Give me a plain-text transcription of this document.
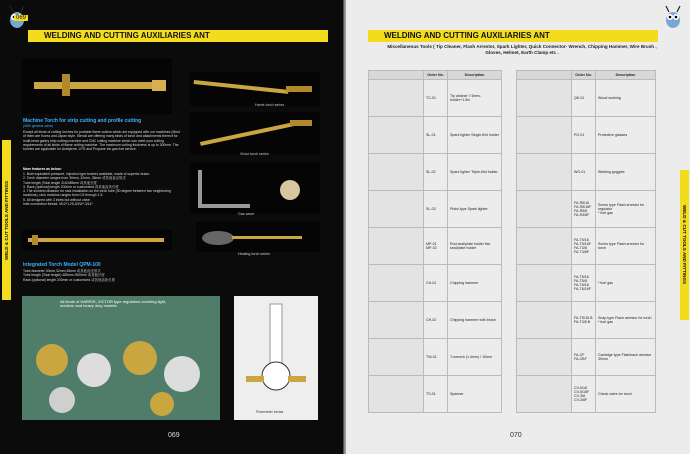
069
WELDING AND CUTTING AUXILIARIES ANT
WELD & CUT TOOLS AND FITTINGS
Machine Torch for strip cutting and profile cutting
(With general valve)
Except all kinds of cutting torches for portable flame cutters which are equipped with our machines (Most of them are Korea and Japan style. Stencil are offering many kinds of torch and attachments thereof for multi-head gantry strip cutting machine and CNC cutting machine which can meet your cutting requirements of all kinds of flame cutting machine. The maximum cutting thickness is up to 300mm. The torches are applicable for Acetylene, LPG and Propane etc gas fuel service.
More features as below:
1. Both equivalent pressure, injection type torches available, made of superior brass.
2. Torch diameter ranges from 30mm, 32mm, 35mm 或其他直径形式
Tube length (Total length 315/485mm 或其他长度
3. Rack (optional) length 200mm or customized 或其他齿条长度
4. The shortest distance for rack installation on the torch tube (90 degree between two neighboring locations), rack modulus ranges from 0.8 through 1.5.
5. All designed with 3 inlets but without valve.
Inlet connection thread: M12*1.25,3/2W*,3/14*
Harris torch series
Victor torch series
Gas saver
Heating torch series
Integrated Torch Model QPM-100
Tube diameter 30mm,32mm,35mm 或其他直径形式
Tube length (Total length) 485mm /500mm 或其他长度
Rack (optional) length 200mm or customized 或其他齿条长度
All kinds of HARRIS, VICTOR type regulators covering light, medium and heavy duty models.
Flowmeter series
069
WELDING AND CUTTING AUXILIARIES ANT
WELD & CUT TOOLS AND FITTINGS
070
Miscellaneous Tools ( Tip Cleaner, Flash Arrestor, Spark Lighter, Quick Connector- Wrench, Chipping Hammer, Wire Brush , Gloves, Helmet, Earth Clamp etc .
	Order No.	Description
	TC-01	Tip cleaner 7.6mm-holder+1.5in
	SL-01	Spark lighter Single-flint holder
	SL-02	Spark lighter Triple-flint holder
	SL-03	Pistol type Spark lighter
	MP-01
MP-02	Rod seal/plate holder flat seal/plate holder
	CH-01	Chipping hammer
	CH-02	Chipping hammer with brush
	TW-01	T-wrench (1.4mm) / 10mm
	TS-01	Spanner
	Order No.	Description
	QK-01	Wood working
	PG-01	Protective glasses
	WG-01	Welding goggles
	FA-R5/16
FA-R5/16F
FA-R5/8
FA-R3/8F	Screw type Flash arrestor for regulator
* fuel gas
	FA-T5/16
FA-T5/16F
FA-T3/8
FA-T3/8F	Screw type Flash arrestor for torch
	FA-T5/16
FA-T5/8
FA-T6/16
FA-T6/16F	* fuel gas
	FA-TS/16 B
FA-T3/8 B	Snap type Flash arrestor for torch
* fuel gas
	FA-CF
FA-CBF	Cartridge type Flashback arrestor 30mm
	CV-5/16
CV-5/16F
CV-3/8
CV-3/8F	Check valve for torch
